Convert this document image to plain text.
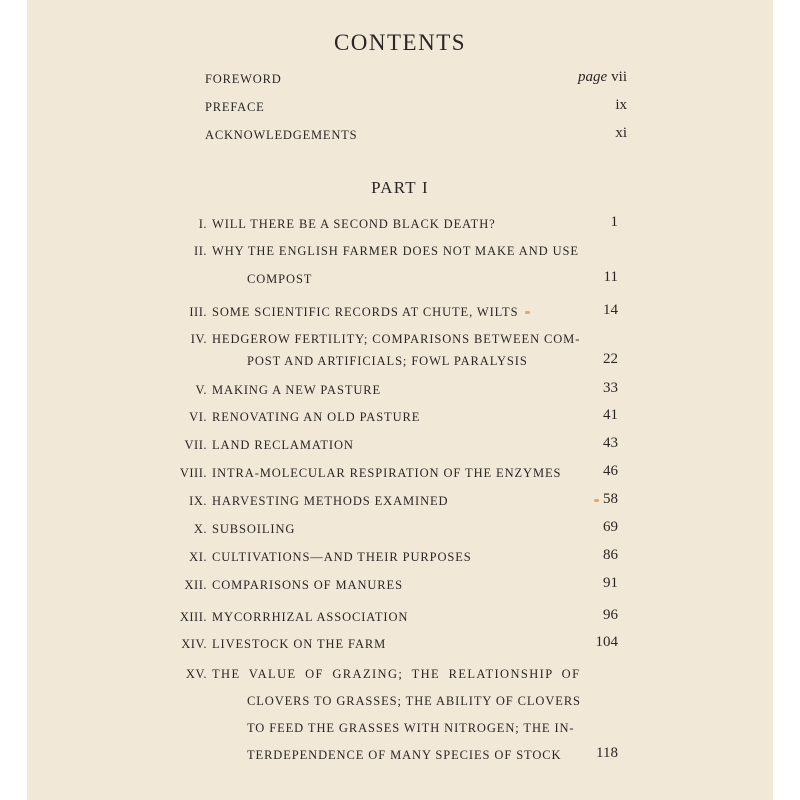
CONTENTS
FOREWORD	page vii
PREFACE	ix
ACKNOWLEDGEMENTS	xi
PART I
I. WILL THERE BE A SECOND BLACK DEATH?	1
II. WHY THE ENGLISH FARMER DOES NOT MAKE AND USE
COMPOST	11
III. SOME SCIENTIFIC RECORDS AT CHUTE, WILTS	14
IV. HEDGEROW FERTILITY; COMPARISONS BETWEEN COM-
POST AND ARTIFICIALS; FOWL PARALYSIS	22
V. MAKING A NEW PASTURE	33
VI. RENOVATING AN OLD PASTURE	41
VII. LAND RECLAMATION	43
VIII. INTRA-MOLECULAR RESPIRATION OF THE ENZYMES	46
IX. HARVESTING METHODS EXAMINED	58
X. SUBSOILING	69
XI. CULTIVATIONS—AND THEIR PURPOSES	86
XII. COMPARISONS OF MANURES	91
XIII. MYCORRHIZAL ASSOCIATION	96
XIV. LIVESTOCK ON THE FARM	104
XV. THE VALUE OF GRAZING; THE RELATIONSHIP OF
CLOVERS TO GRASSES; THE ABILITY OF CLOVERS
TO FEED THE GRASSES WITH NITROGEN; THE IN-
TERDEPENDENCE OF MANY SPECIES OF STOCK 118
